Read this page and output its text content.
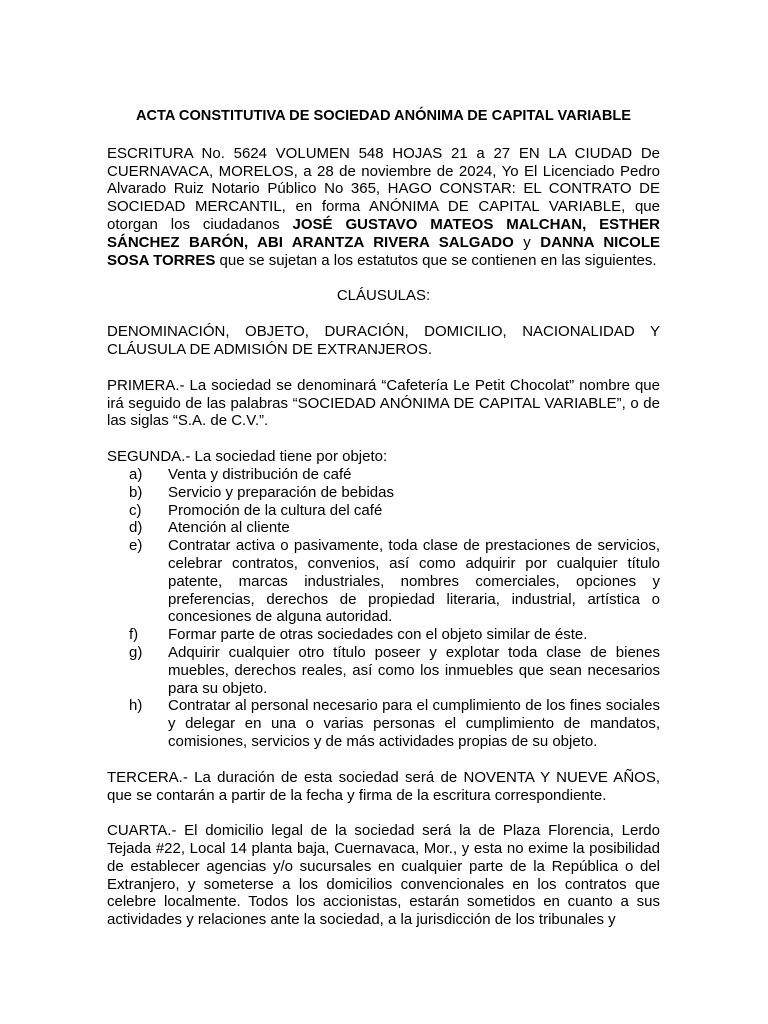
ACTA CONSTITUTIVA DE SOCIEDAD ANÓNIMA DE CAPITAL VARIABLE
ESCRITURA No. 5624 VOLUMEN 548 HOJAS 21 a 27 EN LA CIUDAD De CUERNAVACA, MORELOS, a 28 de noviembre de 2024, Yo El Licenciado Pedro Alvarado Ruiz Notario Público No 365, HAGO CONSTAR: EL CONTRATO DE SOCIEDAD MERCANTIL, en forma ANÓNIMA DE CAPITAL VARIABLE, que otorgan los ciudadanos JOSÉ GUSTAVO MATEOS MALCHAN, ESTHER SÁNCHEZ BARÓN, ABI ARANTZA RIVERA SALGADO y DANNA NICOLE SOSA TORRES que se sujetan a los estatutos que se contienen en las siguientes.
CLÁUSULAS:
DENOMINACIÓN, OBJETO, DURACIÓN, DOMICILIO, NACIONALIDAD Y CLÁUSULA DE ADMISIÓN DE EXTRANJEROS.
PRIMERA.- La sociedad se denominará “Cafetería Le Petit Chocolat” nombre que irá seguido de las palabras “SOCIEDAD ANÓNIMA DE CAPITAL VARIABLE”, o de las siglas “S.A. de C.V.”.
SEGUNDA.- La sociedad tiene por objeto:
a)	Venta y distribución de café
b)	Servicio y preparación de bebidas
c)	Promoción de la cultura del café
d)	Atención al cliente
e)	Contratar activa o pasivamente, toda clase de prestaciones de servicios, celebrar contratos, convenios, así como adquirir por cualquier título patente, marcas industriales, nombres comerciales, opciones y preferencias, derechos de propiedad literaria, industrial, artística o concesiones de alguna autoridad.
f)	Formar parte de otras sociedades con el objeto similar de éste.
g)	Adquirir cualquier otro título poseer y explotar toda clase de bienes muebles, derechos reales, así como los inmuebles que sean necesarios para su objeto.
h)	Contratar al personal necesario para el cumplimiento de los fines sociales y delegar en una o varias personas el cumplimiento de mandatos, comisiones, servicios y de más actividades propias de su objeto.
TERCERA.- La duración de esta sociedad será de NOVENTA Y NUEVE AÑOS, que se contarán a partir de la fecha y firma de la escritura correspondiente.
CUARTA.- El domicilio legal de la sociedad será la de Plaza Florencia, Lerdo Tejada #22, Local 14 planta baja, Cuernavaca, Mor., y esta no exime la posibilidad de establecer agencias y/o sucursales en cualquier parte de la República o del Extranjero, y someterse a los domicilios convencionales en los contratos que celebre localmente. Todos los accionistas, estarán sometidos en cuanto a sus actividades y relaciones ante la sociedad, a la jurisdicción de los tribunales y
